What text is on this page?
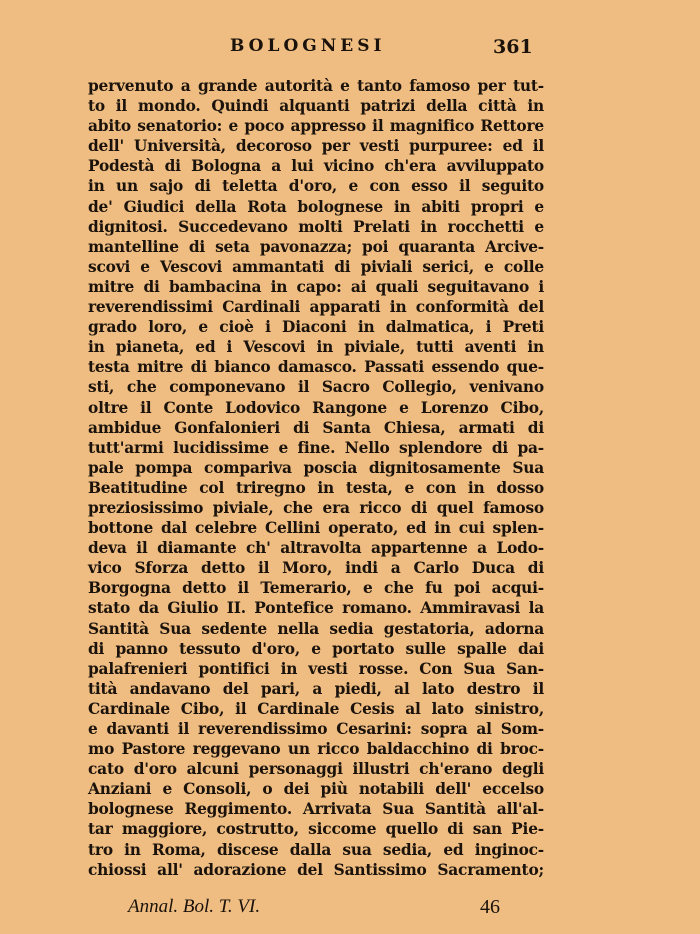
BOLOGNESI	361
pervenuto a grande autorità e tanto famoso per tut-
to il mondo. Quindi alquanti patrizi della città in
abito senatorio: e poco appresso il magnifico Rettore
dell' Università, decoroso per vesti purpuree: ed il
Podestà di Bologna a lui vicino ch'era avviluppato
in un sajo di teletta d'oro, e con esso il seguito
de' Giudici della Rota bolognese in abiti propri e
dignitosi. Succedevano molti Prelati in rocchetti e
mantelline di seta pavonazza; poi quaranta Arcive-
scovi e Vescovi ammantati di piviali serici, e colle
mitre di bambacina in capo: ai quali seguitavano i
reverendissimi Cardinali apparati in conformità del
grado loro, e cioè i Diaconi in dalmatica, i Preti
in pianeta, ed i Vescovi in piviale, tutti aventi in
testa mitre di bianco damasco. Passati essendo que-
sti, che componevano il Sacro Collegio, venivano
oltre il Conte Lodovico Rangone e Lorenzo Cibo,
ambidue Gonfalonieri di Santa Chiesa, armati di
tutt'armi lucidissime e fine. Nello splendore di pa-
pale pompa compariva poscia dignitosamente Sua
Beatitudine col triregno in testa, e con in dosso
preziosissimo piviale, che era ricco di quel famoso
bottone dal celebre Cellini operato, ed in cui splen-
deva il diamante ch' altravolta appartenne a Lodo-
vico Sforza detto il Moro, indi a Carlo Duca di
Borgogna detto il Temerario, e che fu poi acqui-
stato da Giulio II. Pontefice romano. Ammiravasi la
Santità Sua sedente nella sedia gestatoria, adorna
di panno tessuto d'oro, e portato sulle spalle dai
palafrenieri pontifici in vesti rosse. Con Sua San-
tità andavano del pari, a piedi, al lato destro il
Cardinale Cibo, il Cardinale Cesis al lato sinistro,
e davanti il reverendissimo Cesarini: sopra al Som-
mo Pastore reggevano un ricco baldacchino di broc-
cato d'oro alcuni personaggi illustri ch'erano degli
Anziani e Consoli, o dei più notabili dell' eccelso
bolognese Reggimento. Arrivata Sua Santità all'al-
tar maggiore, costrutto, siccome quello di san Pie-
tro in Roma, discese dalla sua sedia, ed inginoc-
chiossi all' adorazione del Santissimo Sacramento;
Annal. Bol. T. VI.	46
